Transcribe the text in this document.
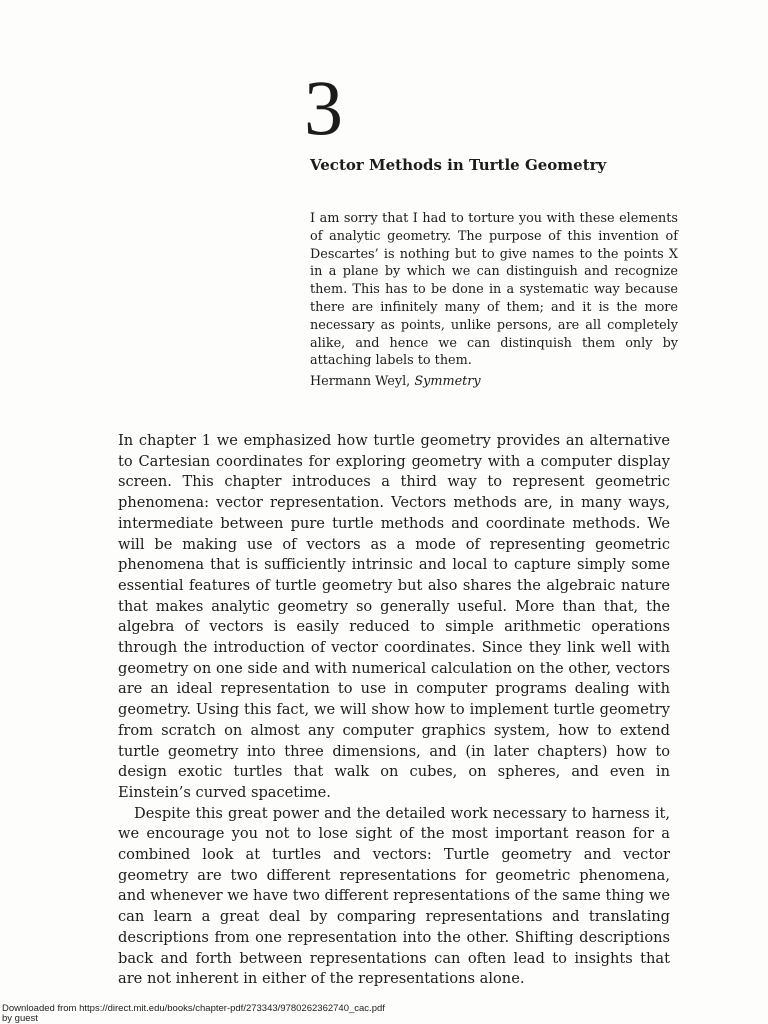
3
Vector Methods in Turtle Geometry

I am sorry that I had to torture you with these elements of analytic geometry. The purpose of this invention of Descartes’ is nothing but to give names to the points X in a plane by which we can distinguish and recognize them. This has to be done in a systematic way because there are infinitely many of them; and it is the more necessary as points, unlike persons, are all completely alike, and hence we can distinquish them only by attaching labels to them.

Hermann Weyl, Symmetry

In chapter 1 we emphasized how turtle geometry provides an alternative to Cartesian coordinates for exploring geometry with a computer display screen. This chapter introduces a third way to represent geometric phenomena: vector representation. Vectors methods are, in many ways, intermediate between pure turtle methods and coordinate methods. We will be making use of vectors as a mode of representing geometric phenomena that is sufficiently intrinsic and local to capture simply some essential features of turtle geometry but also shares the algebraic nature that makes analytic geometry so generally useful. More than that, the algebra of vectors is easily reduced to simple arithmetic operations through the introduction of vector coordinates. Since they link well with geometry on one side and with numerical calculation on the other, vectors are an ideal representation to use in computer programs dealing with geometry. Using this fact, we will show how to implement turtle geometry from scratch on almost any computer graphics system, how to extend turtle geometry into three dimensions, and (in later chapters) how to design exotic turtles that walk on cubes, on spheres, and even in Einstein’s curved spacetime.

Despite this great power and the detailed work necessary to harness it, we encourage you not to lose sight of the most important reason for a combined look at turtles and vectors: Turtle geometry and vector geometry are two different representations for geometric phenomena, and whenever we have two different representations of the same thing we can learn a great deal by comparing representations and translating descriptions from one representation into the other. Shifting descriptions back and forth between representations can often lead to insights that are not inherent in either of the representations alone.

Downloaded from https://direct.mit.edu/books/chapter-pdf/273343/9780262362740_cac.pdf
by guest
